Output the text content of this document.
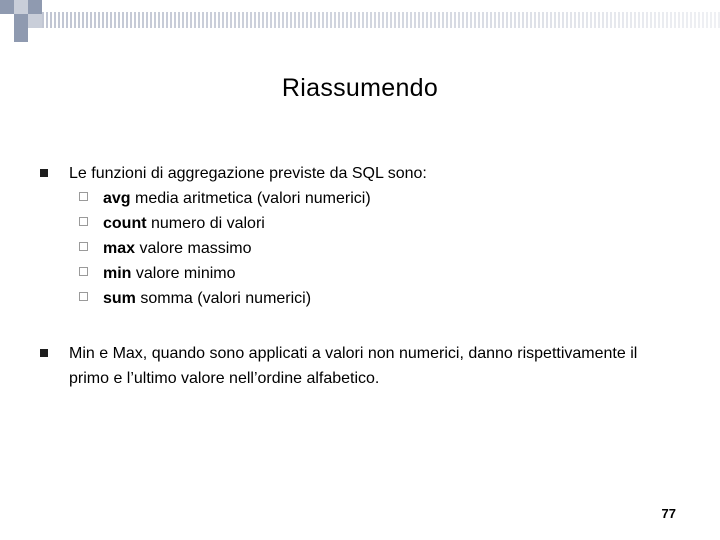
Riassumendo
Le funzioni di aggregazione previste da SQL sono:
avg media aritmetica (valori numerici)
count numero di valori
max valore massimo
min valore minimo
sum somma (valori numerici)
Min e Max, quando sono applicati a valori non numerici, danno rispettivamente il primo e l’ultimo valore nell’ordine alfabetico.
77
